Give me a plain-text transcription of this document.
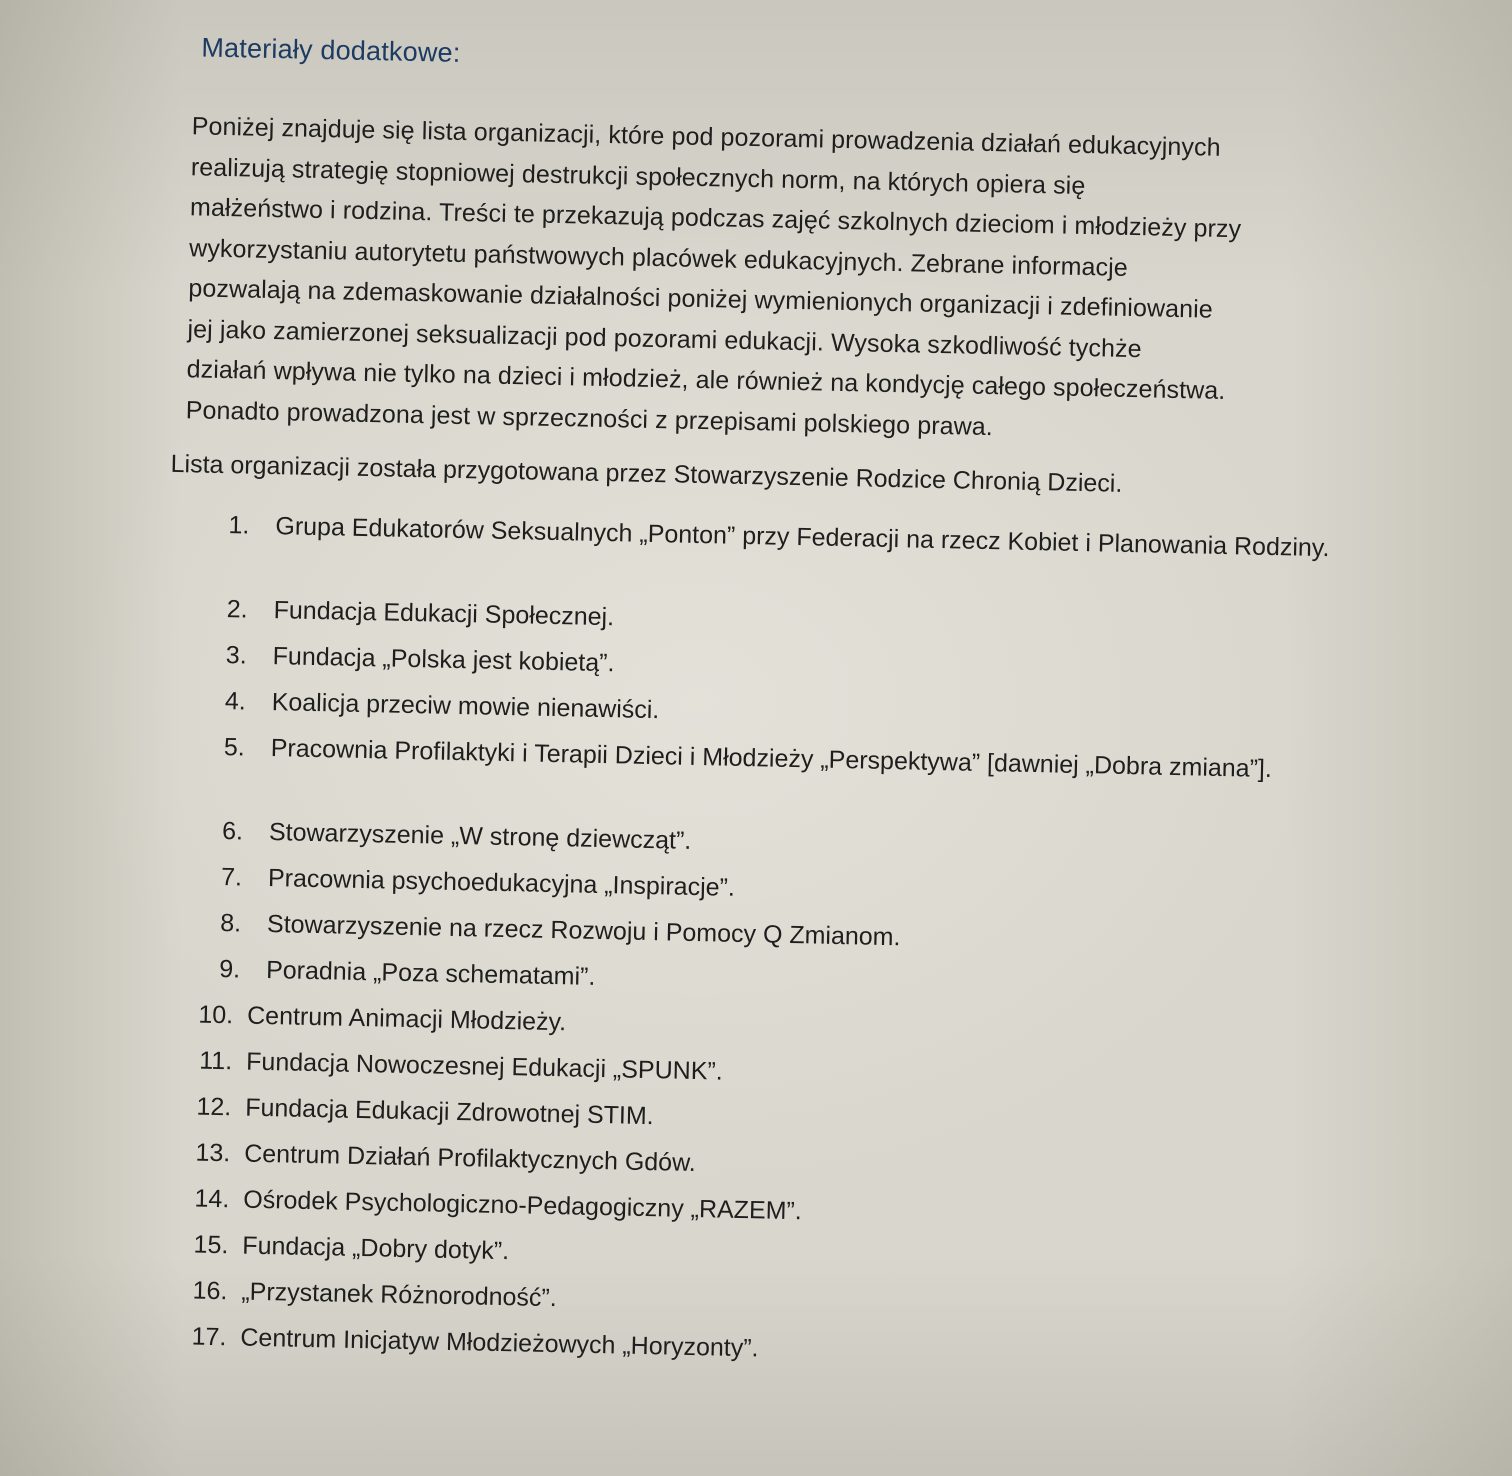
Materiały dodatkowe:
Poniżej znajduje się lista organizacji, które pod pozorami prowadzenia działań edukacyjnych
realizują strategię stopniowej destrukcji społecznych norm, na których opiera się
małżeństwo i rodzina. Treści te przekazują podczas zajęć szkolnych dzieciom i młodzieży przy
wykorzystaniu autorytetu państwowych placówek edukacyjnych. Zebrane informacje
pozwalają na zdemaskowanie działalności poniżej wymienionych organizacji i zdefiniowanie
jej jako zamierzonej seksualizacji pod pozorami edukacji. Wysoka szkodliwość tychże
działań wpływa nie tylko na dzieci i młodzież, ale również na kondycję całego społeczeństwa.
Ponadto prowadzona jest w sprzeczności z przepisami polskiego prawa.
Lista organizacji została przygotowana przez Stowarzyszenie Rodzice Chronią Dzieci.
1.	Grupa Edukatorów Seksualnych „Ponton” przy Federacji na rzecz Kobiet i Planowania Rodziny.
2.	Fundacja Edukacji Społecznej.
3.	Fundacja „Polska jest kobietą”.
4.	Koalicja przeciw mowie nienawiści.
5.	Pracownia Profilaktyki i Terapii Dzieci i Młodzieży „Perspektywa” [dawniej „Dobra zmiana”].
6.	Stowarzyszenie „W stronę dziewcząt”.
7.	Pracownia psychoedukacyjna „Inspiracje”.
8.	Stowarzyszenie na rzecz Rozwoju i Pomocy Q Zmianom.
9.	Poradnia „Poza schematami”.
10. Centrum Animacji Młodzieży.
11. Fundacja Nowoczesnej Edukacji „SPUNK”.
12. Fundacja Edukacji Zdrowotnej STIM.
13. Centrum Działań Profilaktycznych Gdów.
14. Ośrodek Psychologiczno-Pedagogiczny „RAZEM”.
15. Fundacja „Dobry dotyk”.
16. „Przystanek Różnorodność”.
17. Centrum Inicjatyw Młodzieżowych „Horyzonty”.
